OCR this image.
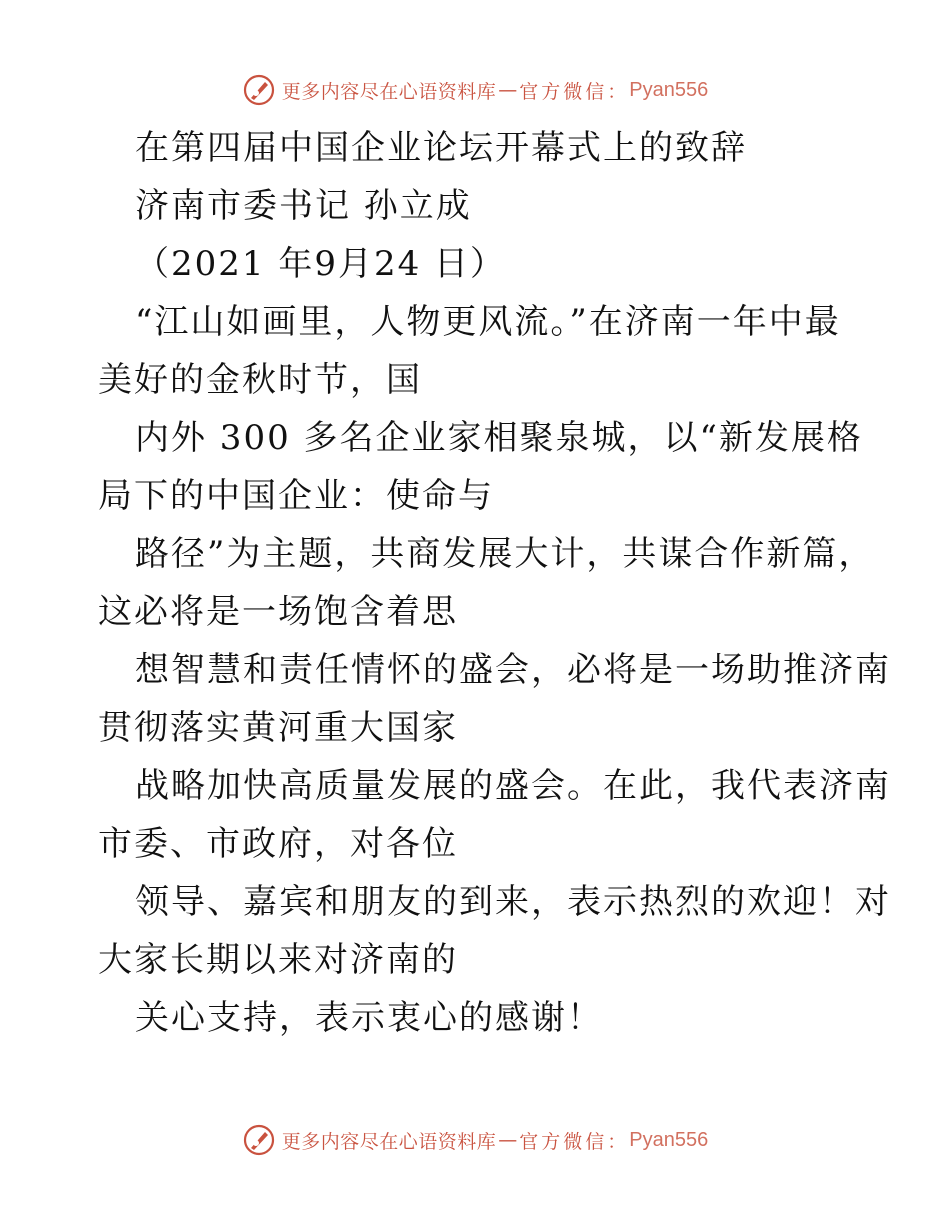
更多内容尽在心语资料库 — 官方微信： Pyan556
在第四届中国企业论坛开幕式上的致辞
济南市委书记 孙立成
（2021 年9月24 日）
“江山如画里，人物更风流。”在济南一年中最
美好的金秋时节，国
内外 300 多名企业家相聚泉城，以“新发展格
局下的中国企业：使命与
路径”为主题，共商发展大计，共谋合作新篇，
这必将是一场饱含着思
想智慧和责任情怀的盛会，必将是一场助推济南
贯彻落实黄河重大国家
战略加快高质量发展的盛会。在此，我代表济南
市委、市政府，对各位
领导、嘉宾和朋友的到来，表示热烈的欢迎！对
大家长期以来对济南的
关心支持，表示衷心的感谢！
更多内容尽在心语资料库 — 官方微信： Pyan556
